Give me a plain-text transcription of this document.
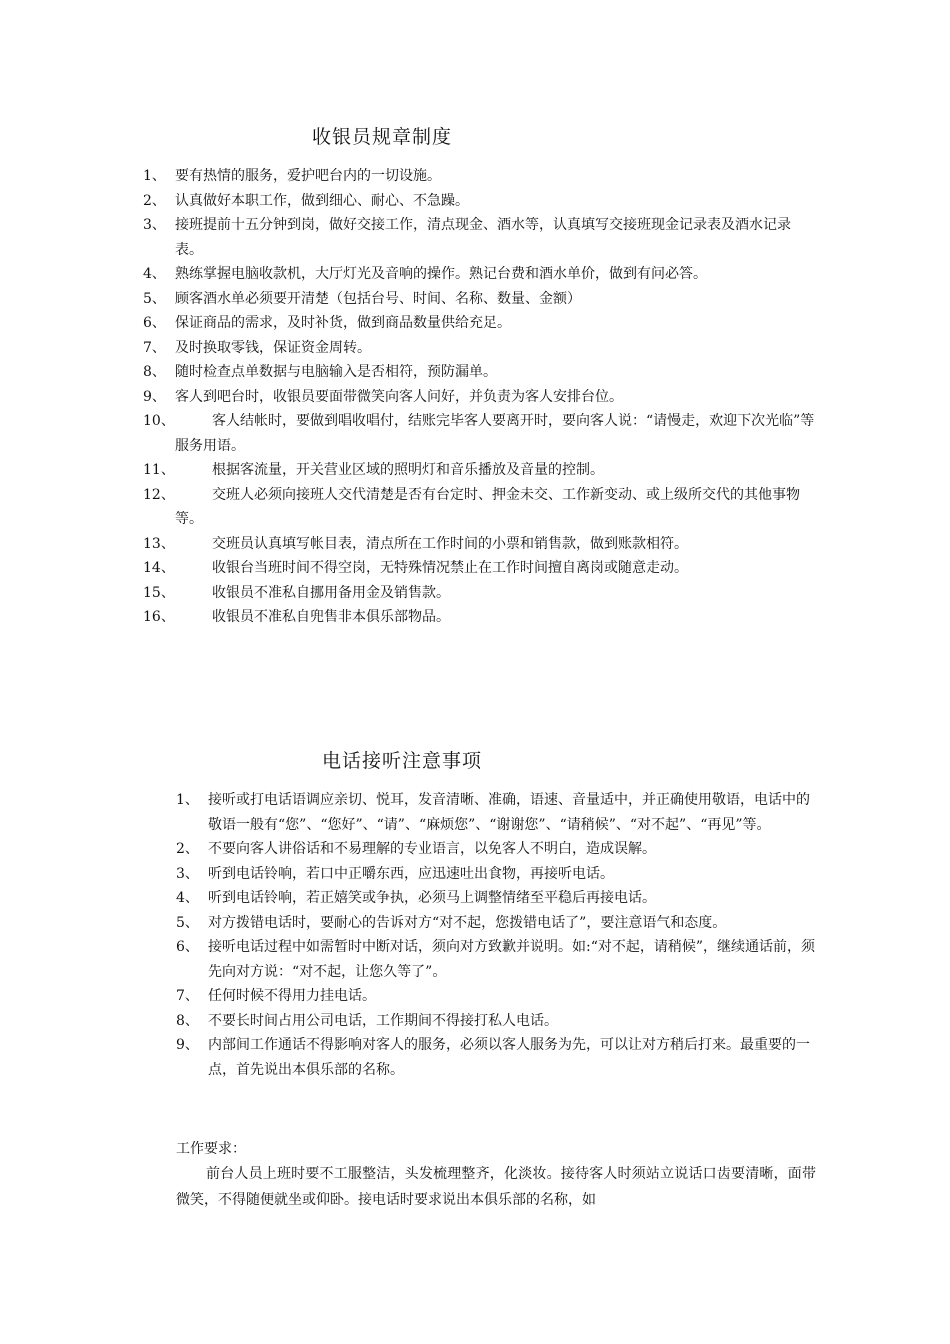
收银员规章制度
1、 要有热情的服务，爱护吧台内的一切设施。
2、 认真做好本职工作，做到细心、耐心、不急躁。
3、 接班提前十五分钟到岗，做好交接工作，清点现金、酒水等，认真填写交接班现金记录表及酒水记录表。
4、 熟练掌握电脑收款机，大厅灯光及音响的操作。熟记台费和酒水单价，做到有问必答。
5、 顾客酒水单必须要开清楚（包括台号、时间、名称、数量、金额）
6、 保证商品的需求，及时补货，做到商品数量供给充足。
7、 及时换取零钱，保证资金周转。
8、 随时检查点单数据与电脑输入是否相符，预防漏单。
9、 客人到吧台时，收银员要面带微笑向客人问好，并负责为客人安排台位。
10、	客人结帐时，要做到唱收唱付，结账完毕客人要离开时，要向客人说：“请慢走，欢迎下次光临”等服务用语。
11、	根据客流量，开关营业区域的照明灯和音乐播放及音量的控制。
12、	交班人必须向接班人交代清楚是否有台定时、押金未交、工作新变动、或上级所交代的其他事物等。
13、	交班员认真填写帐目表，清点所在工作时间的小票和销售款，做到账款相符。
14、	收银台当班时间不得空岗，无特殊情况禁止在工作时间擅自离岗或随意走动。
15、	收银员不准私自挪用备用金及销售款。
16、	收银员不准私自兜售非本俱乐部物品。
电话接听注意事项
1、 接听或打电话语调应亲切、悦耳，发音清晰、准确，语速、音量适中，并正确使用敬语，电话中的敬语一般有“您”、“您好”、“请”、“麻烦您”、“谢谢您”、“请稍候”、“对不起”、“再见”等。
2、 不要向客人讲俗话和不易理解的专业语言，以免客人不明白，造成误解。
3、 听到电话铃响，若口中正嚼东西，应迅速吐出食物，再接听电话。
4、 听到电话铃响，若正嬉笑或争执，必须马上调整情绪至平稳后再接电话。
5、 对方拨错电话时，要耐心的告诉对方“对不起，您拨错电话了”，要注意语气和态度。
6、 接听电话过程中如需暂时中断对话，须向对方致歉并说明。如:“对不起，请稍候”，继续通话前，须先向对方说：“对不起，让您久等了”。
7、 任何时候不得用力挂电话。
8、 不要长时间占用公司电话，工作期间不得接打私人电话。
9、 内部间工作通话不得影响对客人的服务，必须以客人服务为先，可以让对方稍后打来。最重要的一点，首先说出本俱乐部的名称。
工作要求：
前台人员上班时要不工服整洁，头发梳理整齐，化淡妆。接待客人时须站立说话口齿要清晰，面带微笑，不得随便就坐或仰卧。接电话时要求说出本俱乐部的名称，如
